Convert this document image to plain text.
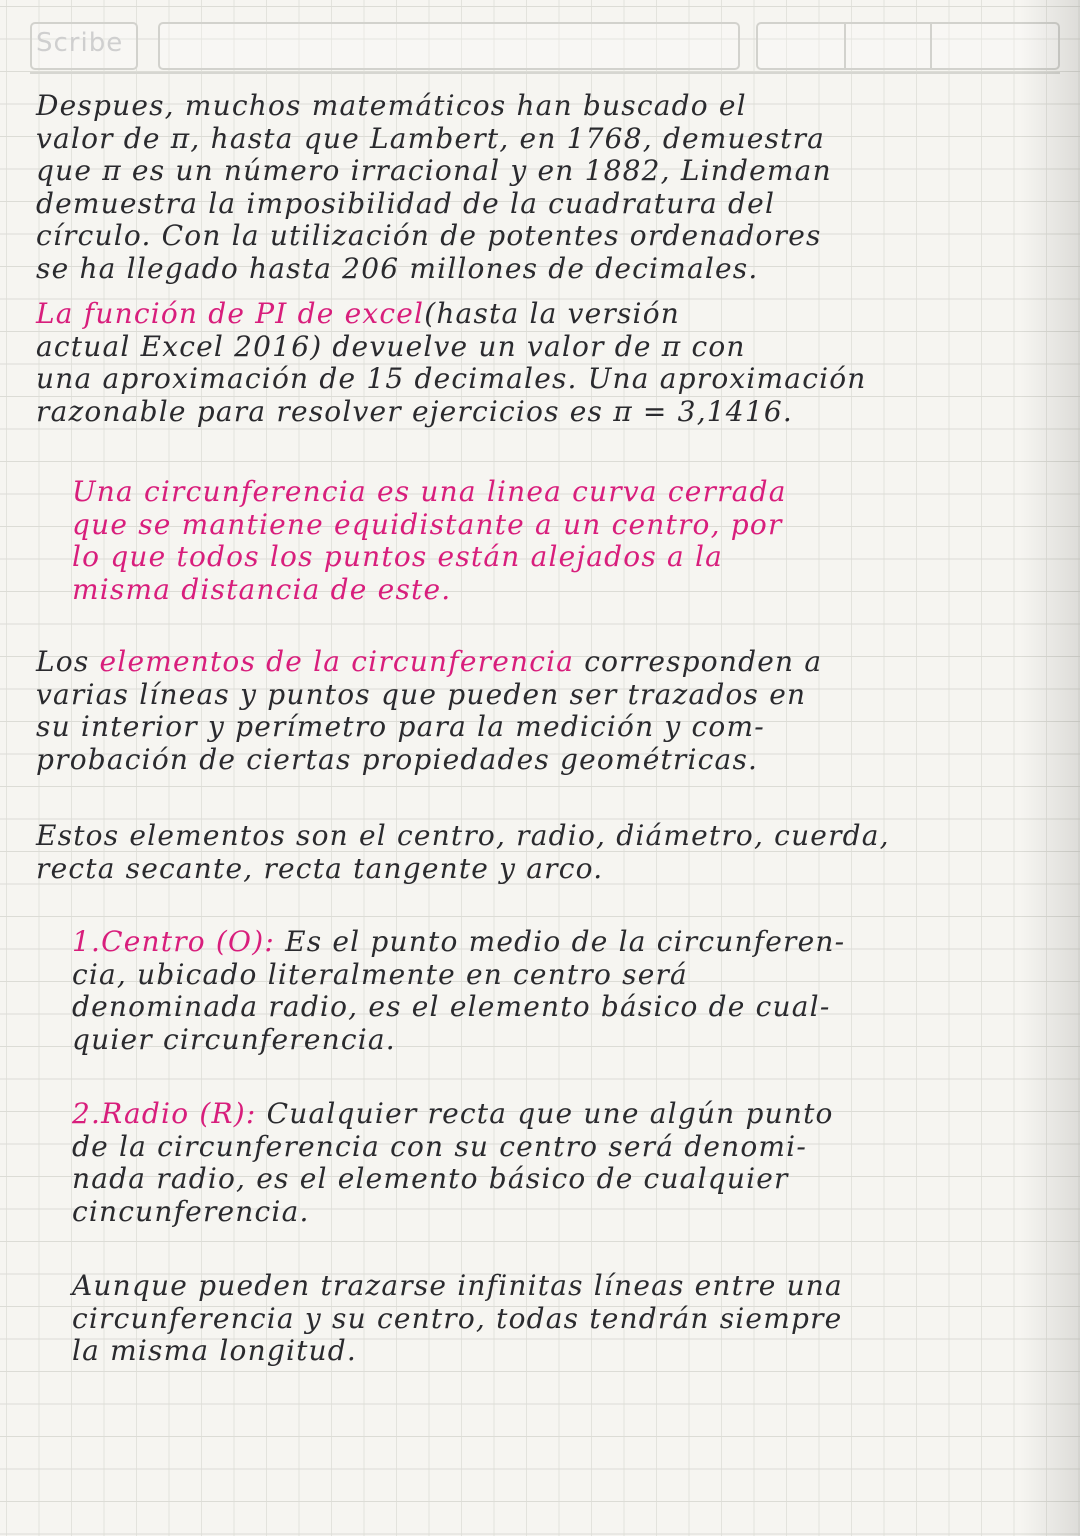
Scribe
Despues, muchos matemáticos han buscado el
valor de π, hasta que Lambert, en 1768, demuestra
que π es un número irracional y en 1882, Lindeman
demuestra la imposibilidad de la cuadratura del
círculo. Con la utilización de potentes ordenadores
se ha llegado hasta 206 millones de decimales.
La función de PI de excel(hasta la versión
actual Excel 2016) devuelve un valor de π con
una aproximación de 15 decimales. Una aproximación
razonable para resolver ejercicios es π = 3,1416.
Una circunferencia es una linea curva cerrada
que se mantiene equidistante a un centro, por
lo que todos los puntos están alejados a la
misma distancia de este.
Los elementos de la circunferencia corresponden a
varias líneas y puntos que pueden ser trazados en
su interior y perímetro para la medición y com-
probación de ciertas propiedades geométricas.
Estos elementos son el centro, radio, diámetro, cuerda,
recta secante, recta tangente y arco.
1.Centro (O): Es el punto medio de la circunferen-
cia, ubicado literalmente en centro será
denominada radio, es el elemento básico de cual-
quier circunferencia.
2.Radio (R): Cualquier recta que une algún punto
de la circunferencia con su centro será denomi-
nada radio, es el elemento básico de cualquier
cincunferencia.
Aunque pueden trazarse infinitas líneas entre una
circunferencia y su centro, todas tendrán siempre
la misma longitud.
